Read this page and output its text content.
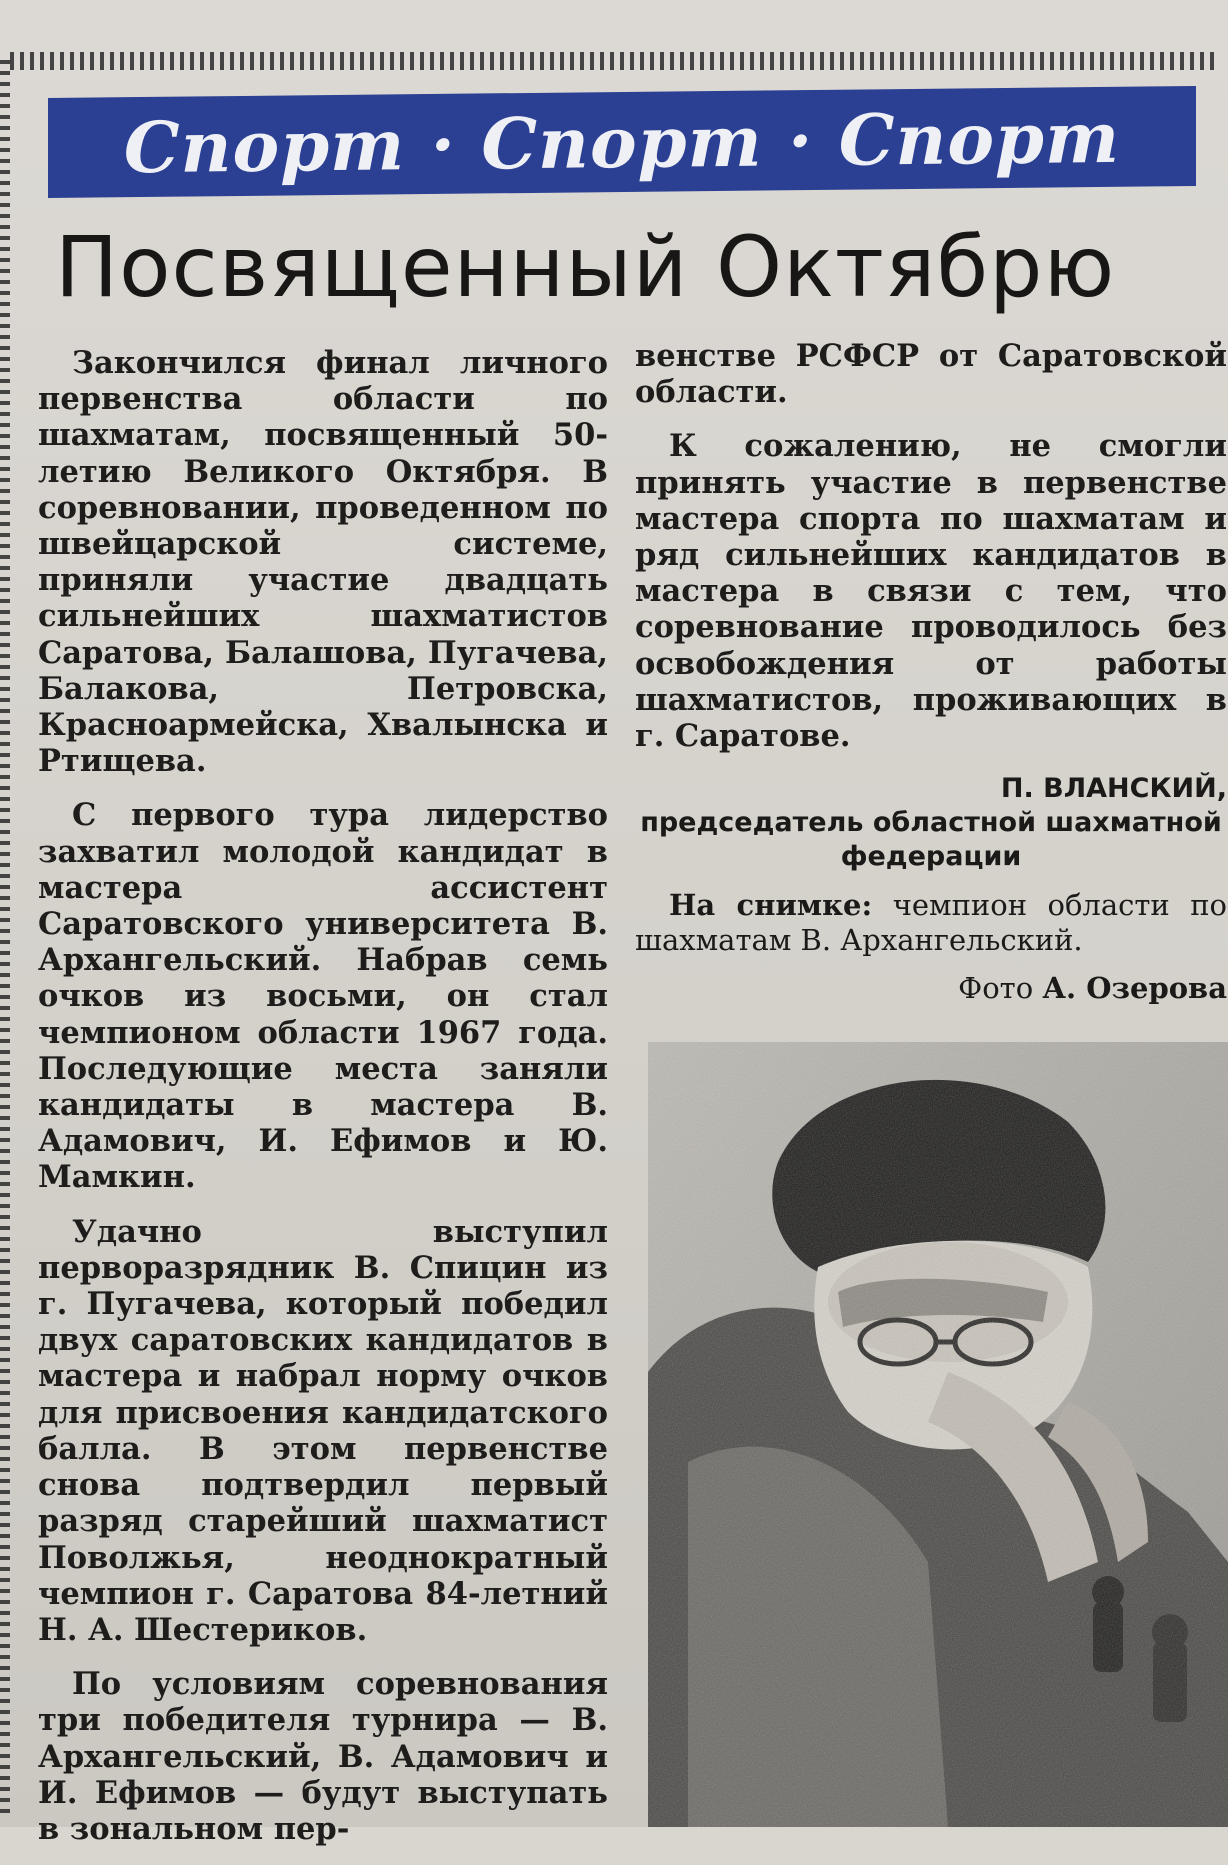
Спорт · Спорт · Спорт
Посвященный Октябрю

Закончился финал личного первенства области по шахматам, посвященный 50-летию Великого Октября. В соревновании, проведенном по швейцарской системе, приняли участие двадцать сильнейших шахматистов Саратова, Балашова, Пугачева, Балакова, Петровска, Красноармейска, Хвалынска и Ртищева.

С первого тура лидерство захватил молодой кандидат в мастера ассистент Саратовского университета В. Архангельский. Набрав семь очков из восьми, он стал чемпионом области 1967 года. Последующие места заняли кандидаты в мастера В. Адамович, И. Ефимов и Ю. Мамкин.

Удачно выступил перворазрядник В. Спицин из г. Пугачева, который победил двух саратовских кандидатов в мастера и набрал норму очков для присвоения кандидатского балла. В этом первенстве снова подтвердил первый разряд старейший шахматист Поволжья, неоднократный чемпион г. Саратова 84-летний Н. А. Шестериков.

По условиям соревнования три победителя турнира — В. Архангельский, В. Адамович и И. Ефимов — будут выступать в зональном пер-

венстве РСФСР от Саратовской области.

К сожалению, не смогли принять участие в первенстве мастера спорта по шахматам и ряд сильнейших кандидатов в мастера в связи с тем, что соревнование проводилось без освобождения от работы шахматистов, проживающих в г. Саратове.

П. ВЛАНСКИЙ,
председатель областной шахматной федерации

На снимке: чемпион области по шахматам В. Архангельский.

Фото А. Озерова
